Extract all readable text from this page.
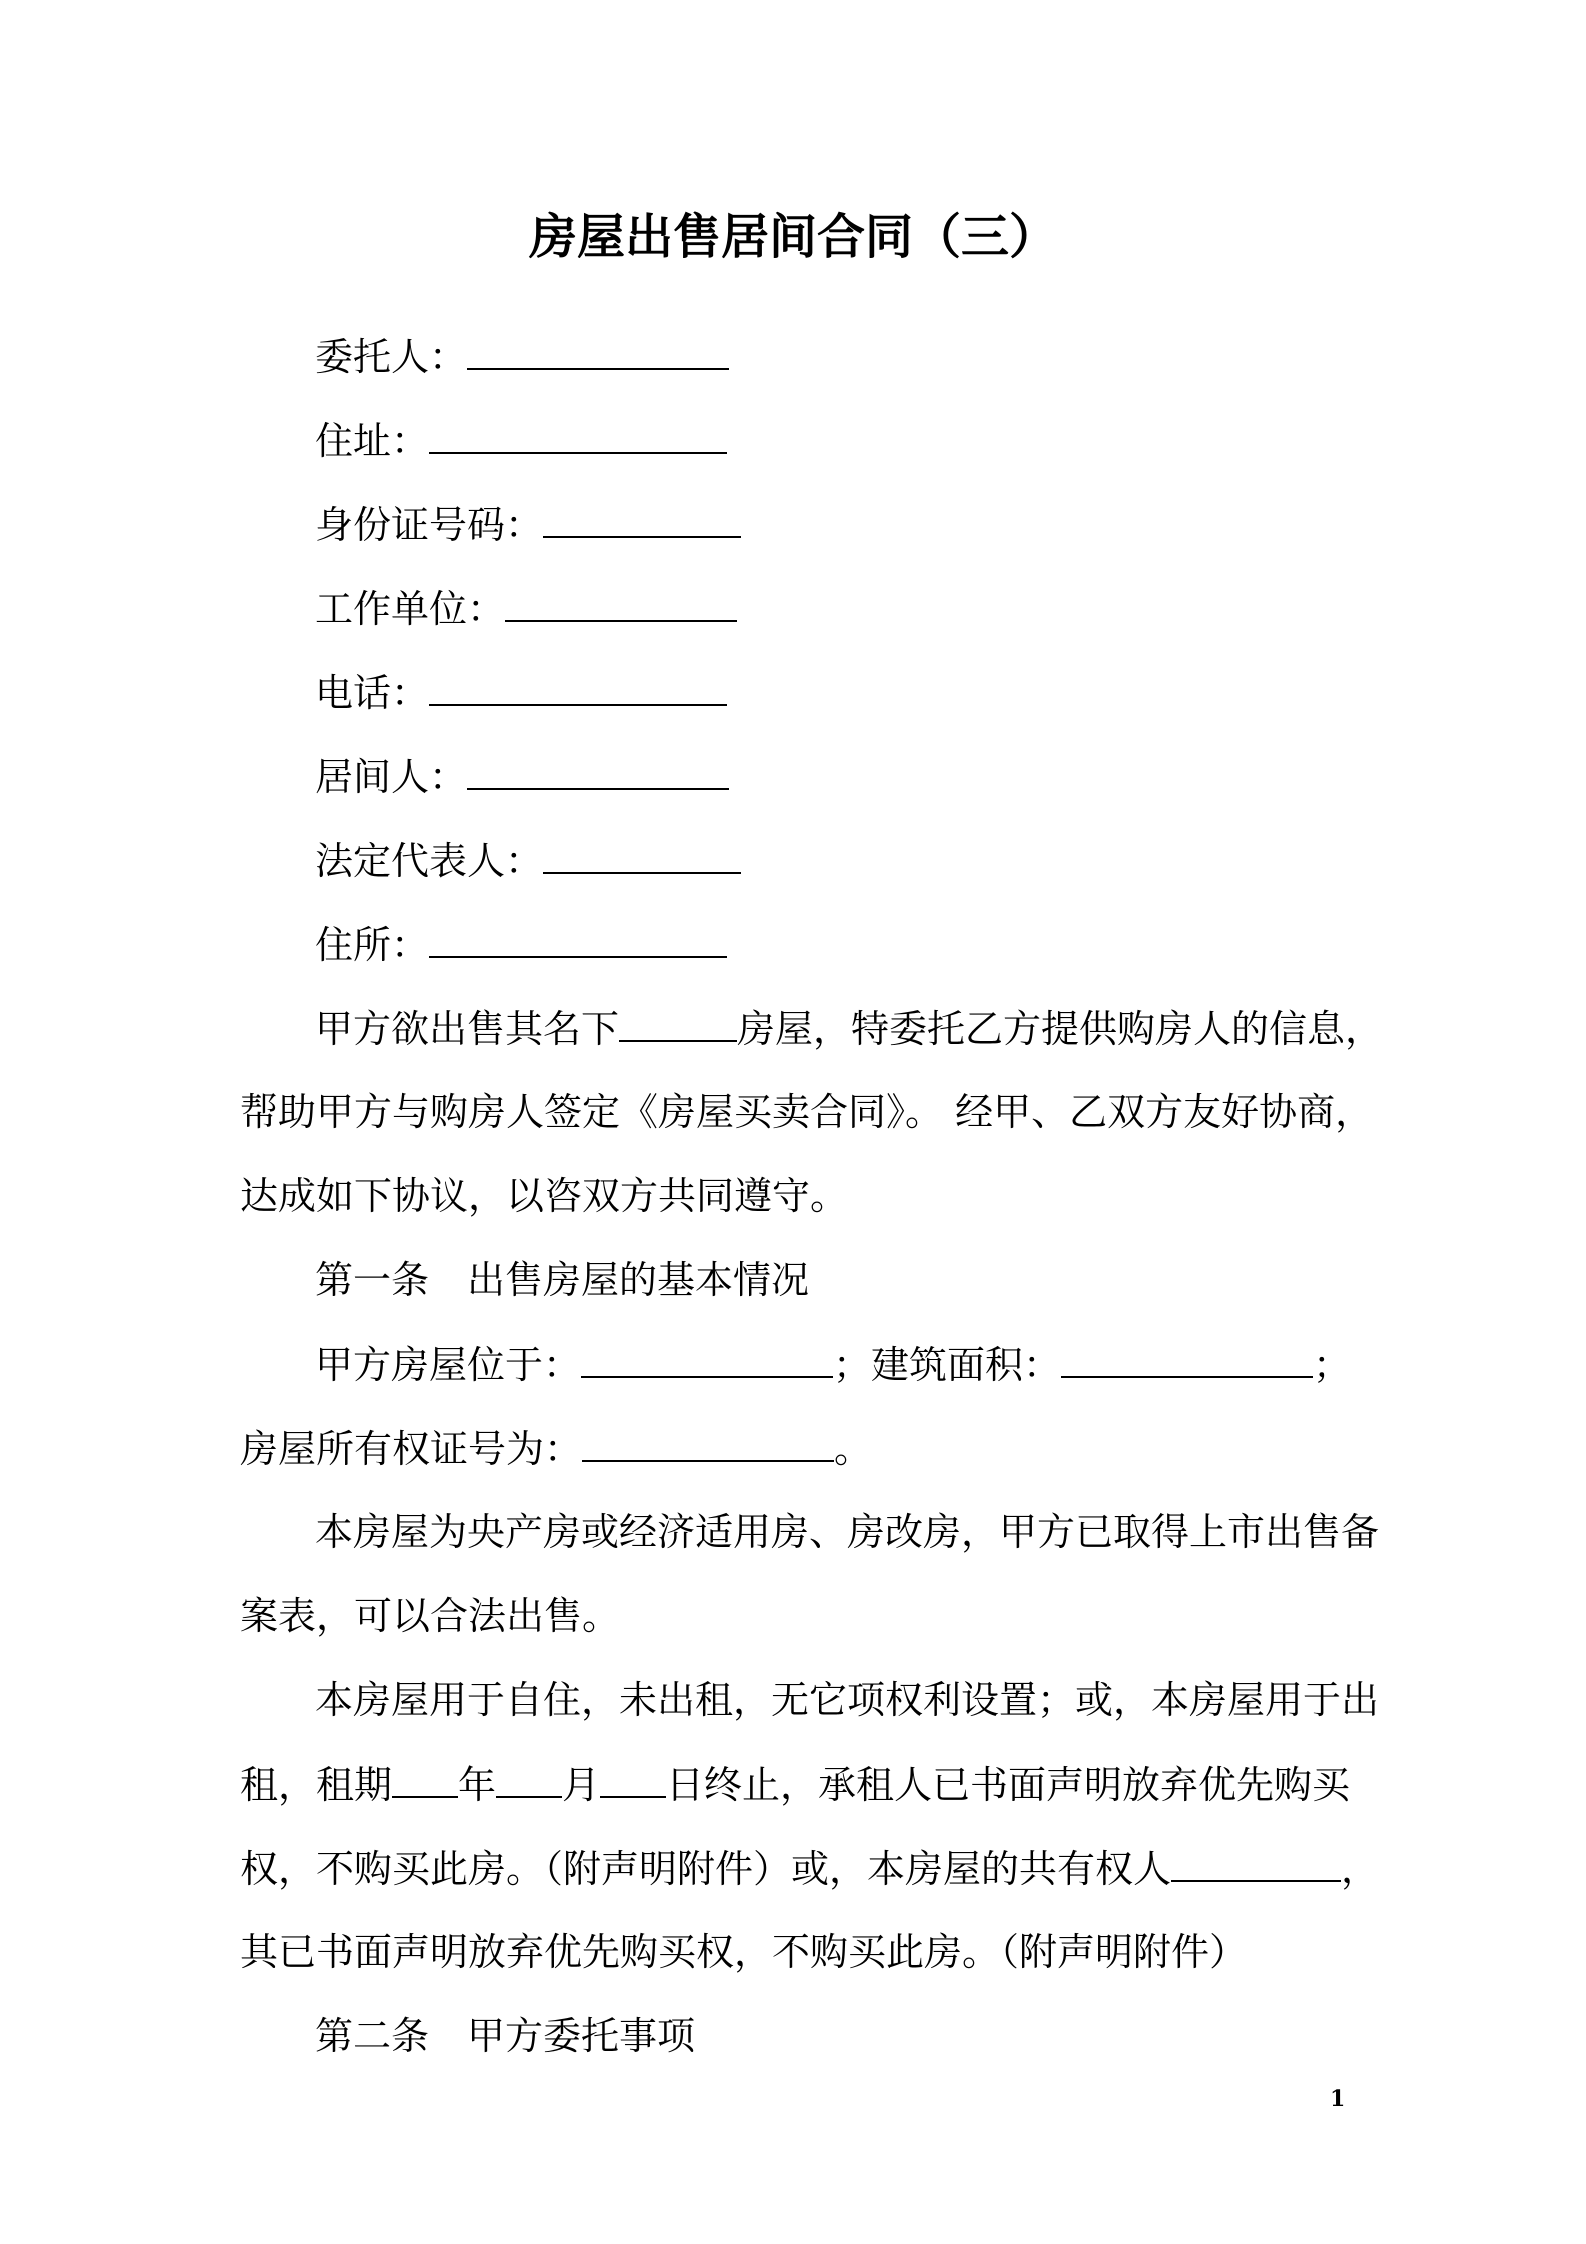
房屋出售居间合同（三）
委托人：
住址：
身份证号码：
工作单位：
电话：
居间人：
法定代表人：
住所：
甲方欲出售其名下	房屋，特委托乙方提供购房人的信息，
帮助甲方与购房人签定《房屋买卖合同》。 经甲、乙双方友好协商，
达成如下协议，以咨双方共同遵守。
第一条　出售房屋的基本情况
甲方房屋位于：	；建筑面积：	；
房屋所有权证号为：	。
本房屋为央产房或经济适用房、房改房，甲方已取得上市出售备
案表，可以合法出售。
本房屋用于自住，未出租，无它项权利设置；或，本房屋用于出
租，租期 年 月 日终止，承租人已书面声明放弃优先购买
权，不购买此房。（附声明附件）或，本房屋的共有权人	，
其已书面声明放弃优先购买权，不购买此房。（附声明附件）
第二条　甲方委托事项
1
